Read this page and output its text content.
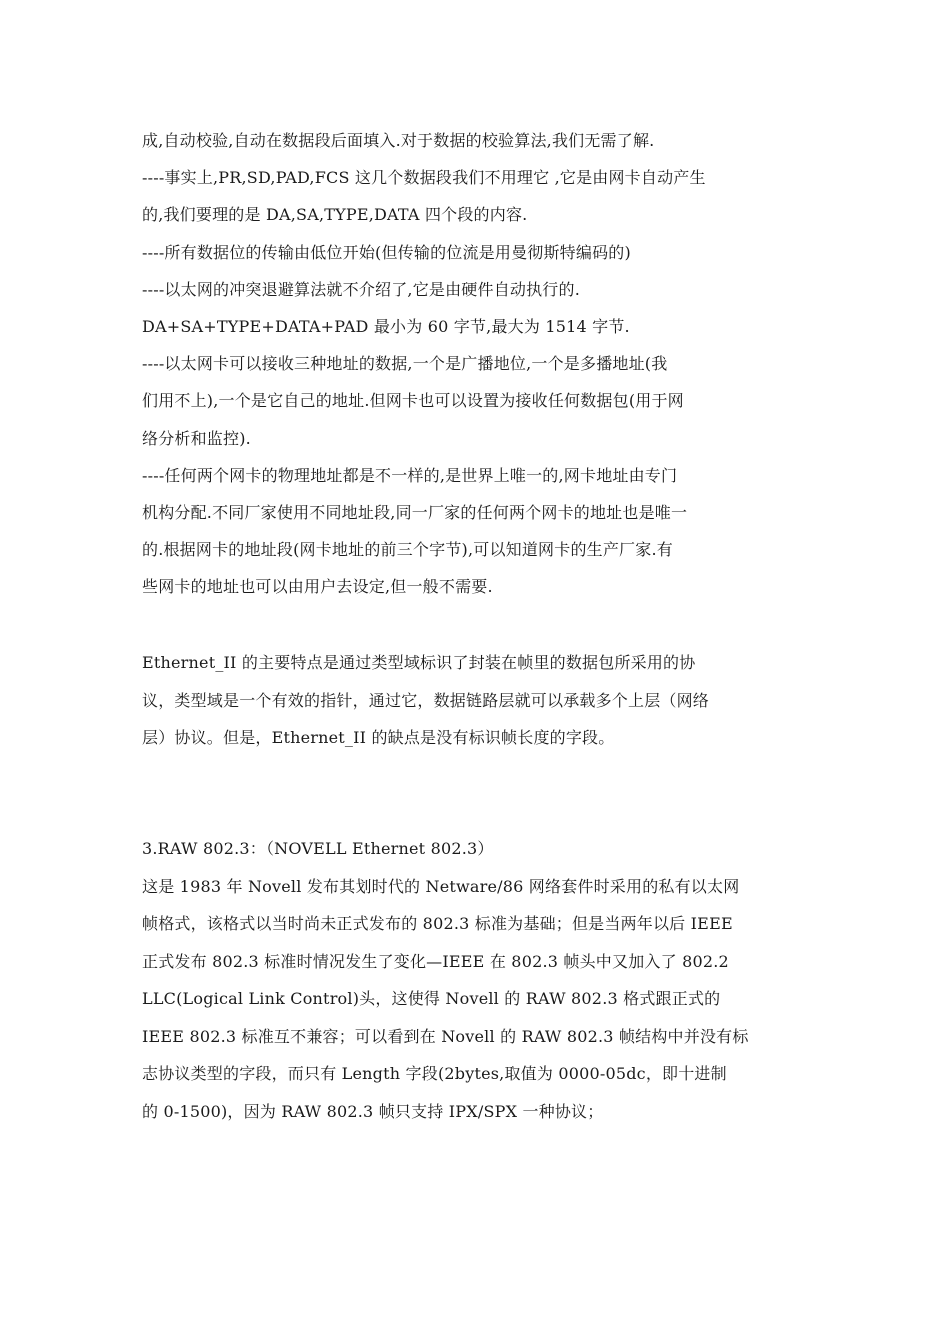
成,自动校验,自动在数据段后面填入.对于数据的校验算法,我们无需了解.
----事实上,PR,SD,PAD,FCS 这几个数据段我们不用理它 ,它是由网卡自动产生
的,我们要理的是 DA,SA,TYPE,DATA 四个段的内容.
----所有数据位的传输由低位开始(但传输的位流是用曼彻斯特编码的)
----以太网的冲突退避算法就不介绍了,它是由硬件自动执行的.
DA+SA+TYPE+DATA+PAD 最小为 60 字节,最大为 1514 字节.
----以太网卡可以接收三种地址的数据,一个是广播地位,一个是多播地址(我
们用不上),一个是它自己的地址.但网卡也可以设置为接收任何数据包(用于网
络分析和监控).
----任何两个网卡的物理地址都是不一样的,是世界上唯一的,网卡地址由专门
机构分配.不同厂家使用不同地址段,同一厂家的任何两个网卡的地址也是唯一
的.根据网卡的地址段(网卡地址的前三个字节),可以知道网卡的生产厂家.有
些网卡的地址也可以由用户去设定,但一般不需要.
Ethernet_II 的主要特点是通过类型域标识了封装在帧里的数据包所采用的协
议，类型域是一个有效的指针，通过它，数据链路层就可以承载多个上层（网络
层）协议。但是，Ethernet_II 的缺点是没有标识帧长度的字段。
3.RAW 802.3：（NOVELL Ethernet 802.3）
这是 1983 年 Novell 发布其划时代的 Netware/86 网络套件时采用的私有以太网
帧格式，该格式以当时尚未正式发布的 802.3 标准为基础；但是当两年以后 IEEE
正式发布 802.3 标准时情况发生了变化—IEEE 在 802.3 帧头中又加入了 802.2
LLC(Logical Link Control)头，这使得 Novell 的 RAW 802.3 格式跟正式的
IEEE 802.3 标准互不兼容；可以看到在 Novell 的 RAW 802.3 帧结构中并没有标
志协议类型的字段，而只有 Length 字段(2bytes,取值为 0000-05dc，即十进制
的 0-1500)，因为 RAW 802.3 帧只支持 IPX/SPX 一种协议；
